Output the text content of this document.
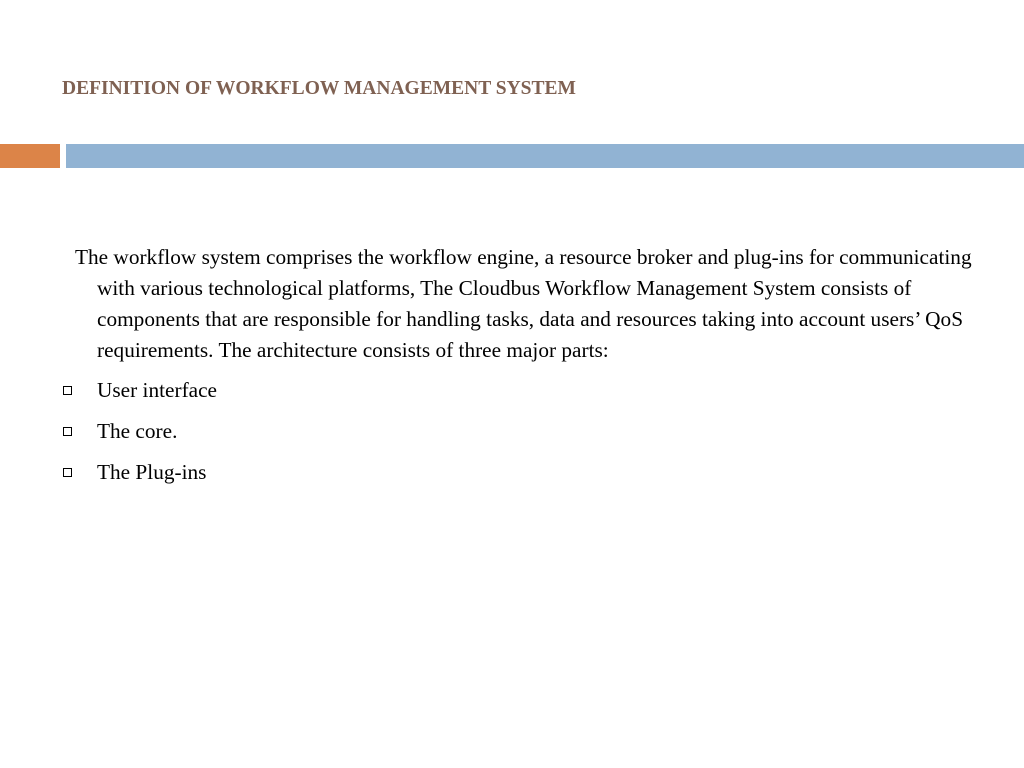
DEFINITION OF WORKFLOW MANAGEMENT SYSTEM

The workflow system comprises the workflow engine, a resource broker and plug-ins for communicating with various technological platforms, The Cloudbus Workflow Management System consists of components that are responsible for handling tasks, data and resources taking into account users’ QoS requirements. The architecture consists of three major parts:

User interface
The core.
The Plug-ins
